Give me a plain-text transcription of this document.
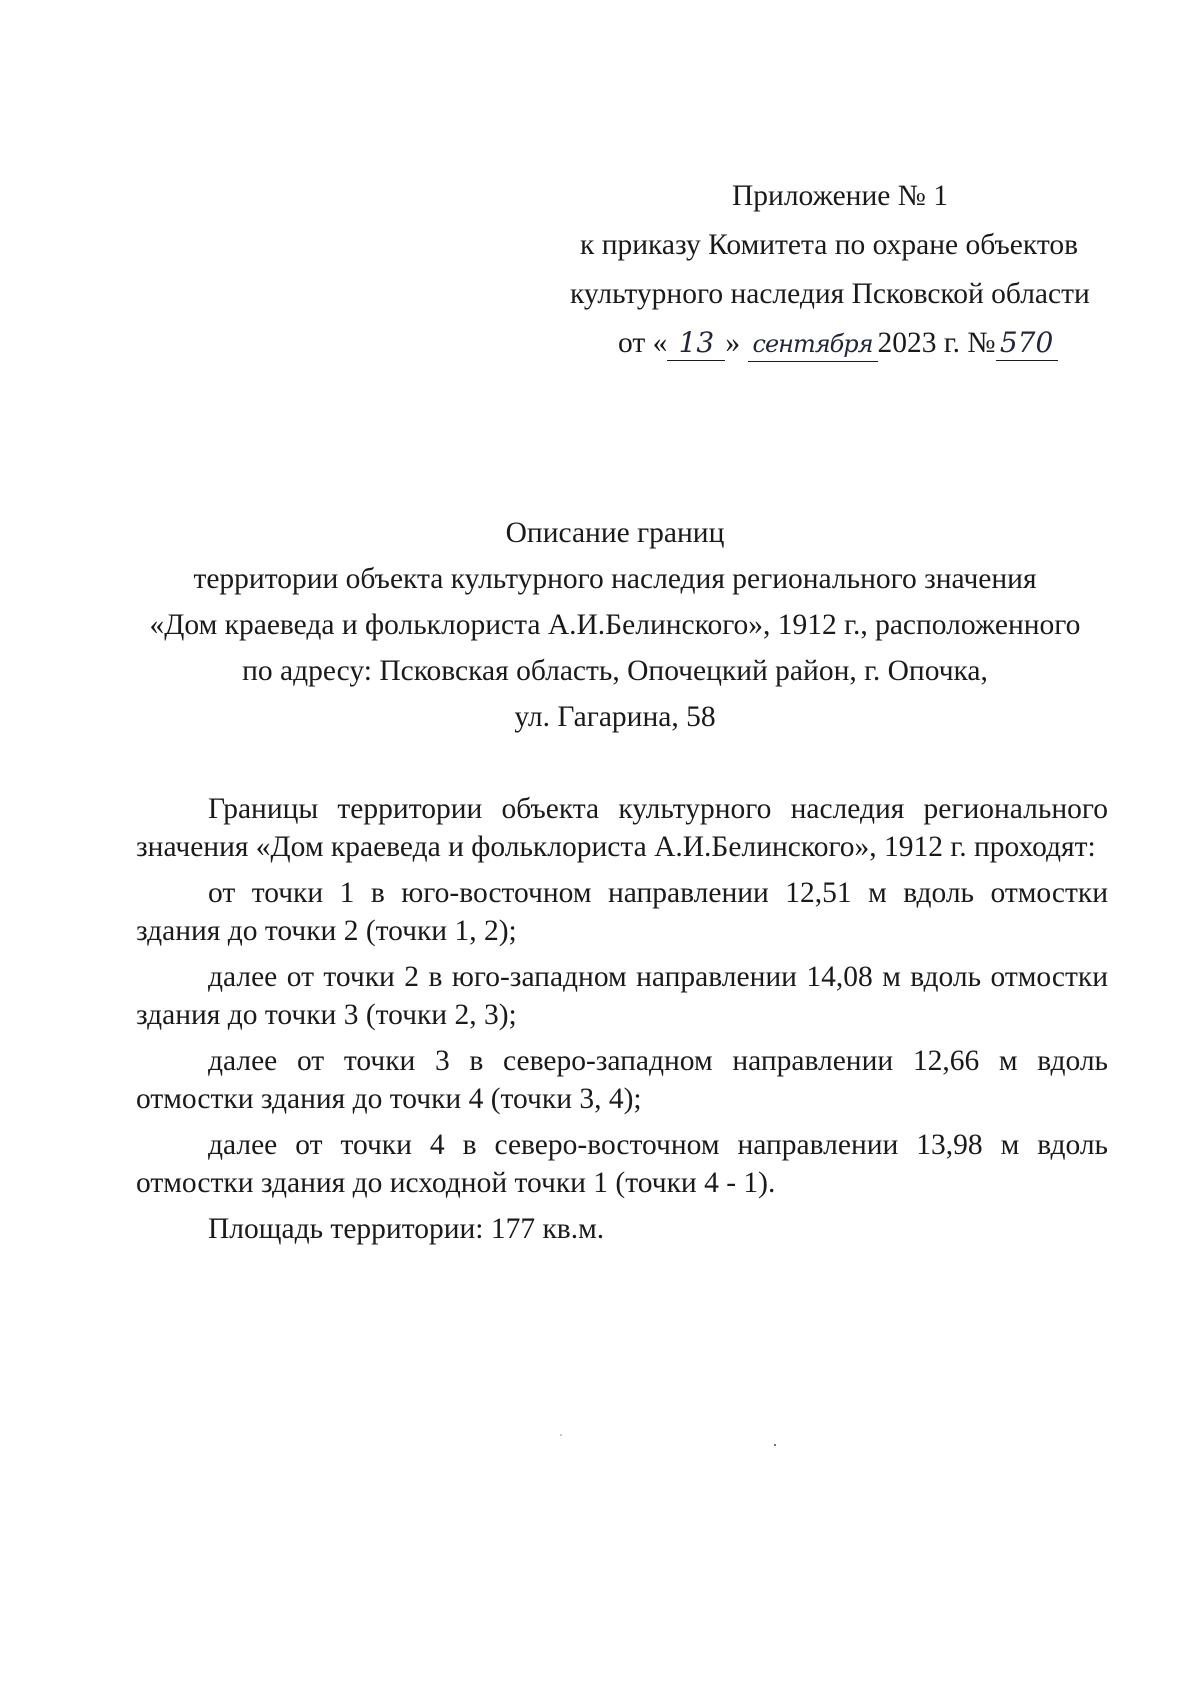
Приложение № 1
к приказу Комитета по охране объектов
культурного наследия Псковской области
от « 13 » сентября 2023 г. № 570
Описание границ
территории объекта культурного наследия регионального значения
«Дом краеведа и фольклориста А.И.Белинского», 1912 г., расположенного
по адресу: Псковская область, Опочецкий район, г. Опочка,
ул. Гагарина, 58

Границы территории объекта культурного наследия регионального значения «Дом краеведа и фольклориста А.И.Белинского», 1912 г. проходят:

от точки 1 в юго-восточном направлении 12,51 м вдоль отмостки здания до точки 2 (точки 1, 2);

далее от точки 2 в юго-западном направлении 14,08 м вдоль отмостки здания до точки 3 (точки 2, 3);

далее от точки 3 в северо-западном направлении 12,66 м вдоль отмостки здания до точки 4 (точки 3, 4);

далее от точки 4 в северо-восточном направлении 13,98 м вдоль отмостки здания до исходной точки 1 (точки 4 - 1).

Площадь территории: 177 кв.м.
